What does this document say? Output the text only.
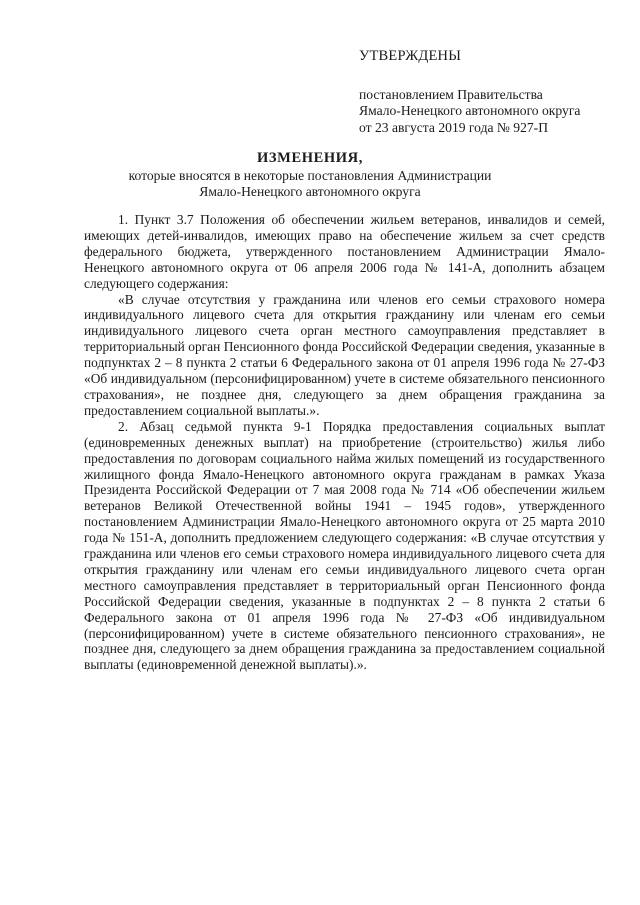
УТВЕРЖДЕНЫ
постановлением Правительства
Ямало-Ненецкого автономного округа
от 23 августа 2019 года № 927-П
ИЗМЕНЕНИЯ,
которые вносятся в некоторые постановления Администрации
Ямало-Ненецкого автономного округа

1. Пункт 3.7 Положения об обеспечении жильем ветеранов, инвалидов и семей, имеющих детей-инвалидов, имеющих право на обеспечение жильем за счет средств федерального бюджета, утвержденного постановлением Администрации Ямало-Ненецкого автономного округа от 06 апреля 2006 года № 141-А, дополнить абзацем следующего содержания:

«В случае отсутствия у гражданина или членов его семьи страхового номера индивидуального лицевого счета для открытия гражданину или членам его семьи индивидуального лицевого счета орган местного самоуправления представляет в территориальный орган Пенсионного фонда Российской Федерации сведения, указанные в подпунктах 2 – 8 пункта 2 статьи 6 Федерального закона от 01 апреля 1996 года № 27-ФЗ «Об индивидуальном (персонифицированном) учете в системе обязательного пенсионного страхования», не позднее дня, следующего за днем обращения гражданина за предоставлением социальной выплаты.».

2. Абзац седьмой пункта 9-1 Порядка предоставления социальных выплат (единовременных денежных выплат) на приобретение (строительство) жилья либо предоставления по договорам социального найма жилых помещений из государственного жилищного фонда Ямало-Ненецкого автономного округа гражданам в рамках Указа Президента Российской Федерации от 7 мая 2008 года № 714 «Об обеспечении жильем ветеранов Великой Отечественной войны 1941 – 1945 годов», утвержденного постановлением Администрации Ямало-Ненецкого автономного округа от 25 марта 2010 года № 151-А, дополнить предложением следующего содержания: «В случае отсутствия у гражданина или членов его семьи страхового номера индивидуального лицевого счета для открытия гражданину или членам его семьи индивидуального лицевого счета орган местного самоуправления представляет в территориальный орган Пенсионного фонда Российской Федерации сведения, указанные в подпунктах 2 – 8 пункта 2 статьи 6 Федерального закона от 01 апреля 1996 года № 27-ФЗ «Об индивидуальном (персонифицированном) учете в системе обязательного пенсионного страхования», не позднее дня, следующего за днем обращения гражданина за предоставлением социальной выплаты (единовременной денежной выплаты).».
